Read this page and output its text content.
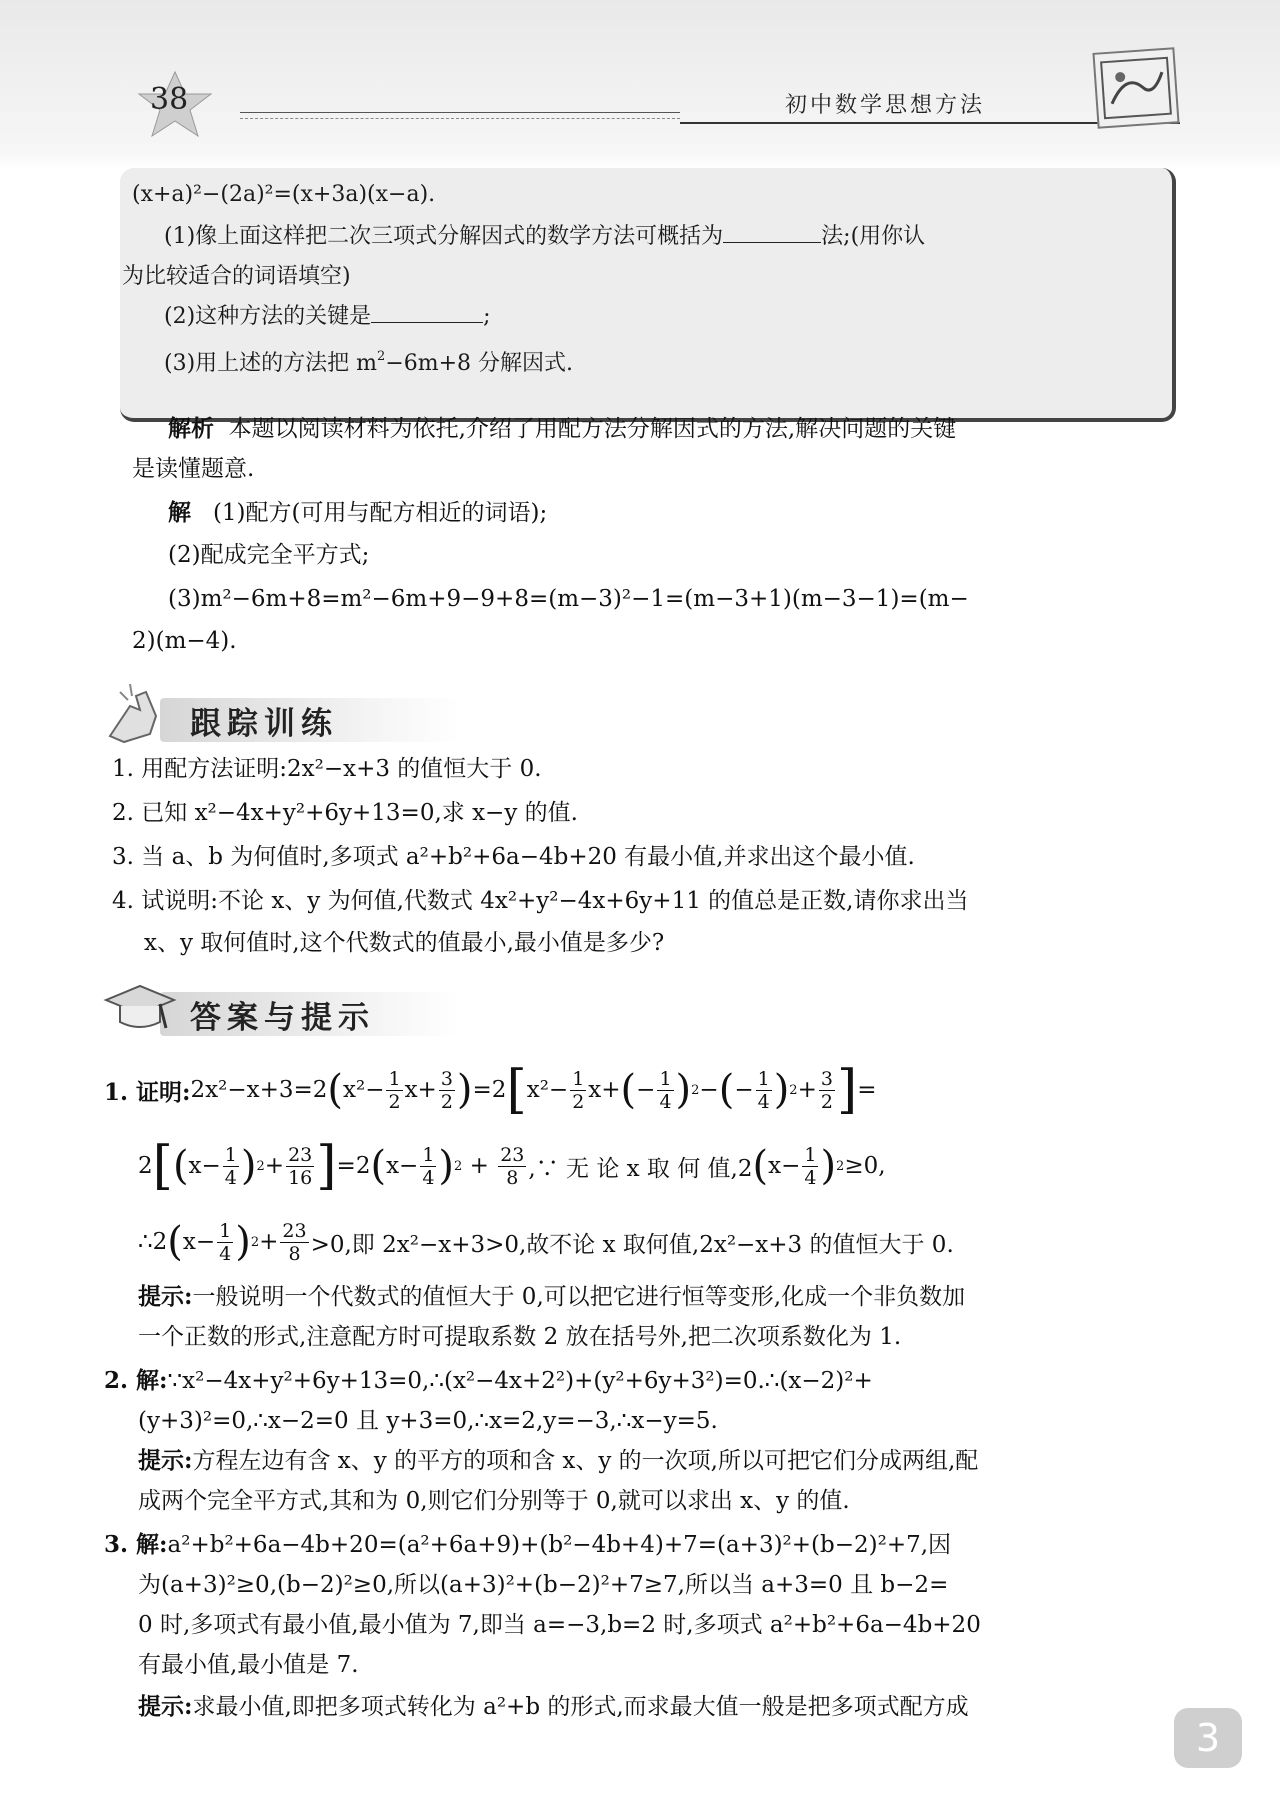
38	初中数学思想方法
(x+a)²−(2a)²=(x+3a)(x−a).
(1)像上面这样把二次三项式分解因式的数学方法可概括为	法;(用你认
为比较适合的词语填空)
(2)这种方法的关键是	;
(3)用上述的方法把 $m^2-6m+8$ 分解因式.
解析 本题以阅读材料为依托,介绍了用配方法分解因式的方法,解决问题的关键
是读懂题意.
解 (1)配方(可用与配方相近的词语);
(2)配成完全平方式;
(3)m²−6m+8=m²−6m+9−9+8=(m−3)²−1=(m−3+1)(m−3−1)=(m−
2)(m−4).
跟踪训练
1. 用配方法证明:2x²−x+3 的值恒大于 0.
2. 已知 x²−4x+y²+6y+13=0,求 x−y 的值.
3. 当 a、b 为何值时,多项式 a²+b²+6a−4b+20 有最小值,并求出这个最小值.
4. 试说明:不论 x、y 为何值,代数式 4x²+y²−4x+6y+11 的值总是正数,请你求出当
x、y 取何值时,这个代数式的值最小,最小值是多少?
答案与提示
1. 证明: 2x²−x+3=2 ( $x^2- \frac{1}{2} x+ \frac{3}{2}$ ) =2 [ $x^2- \frac{1}{2} x+$ ( − $\frac{1}{4}$ ) 2 − ( − $\frac{1}{4}$ ) $2 + \frac{3}{2}$ ] =
2 [ ( $x- \frac{1}{4}$ ) $2 + \frac{23}{16}$ ] =2 ( $x- \frac{1}{4}$ ) $2 + \frac{23}{8}$ ,∵ 无 论 x 取 何 值,2 ( $x- \frac{1}{4}$ ) 2 ≥0,
∴2 ( $x- \frac{1}{4}$ ) $2 + \frac{23}{8} >0$,即 2x²−x+3>0,故不论 x 取何值,2x²−x+3 的值恒大于 0.
提示:一般说明一个代数式的值恒大于 0,可以把它进行恒等变形,化成一个非负数加
一个正数的形式,注意配方时可提取系数 2 放在括号外,把二次项系数化为 1.
2. 解:∵x²−4x+y²+6y+13=0,∴(x²−4x+2²)+(y²+6y+3²)=0.∴(x−2)²+
(y+3)²=0,∴x−2=0 且 y+3=0,∴x=2,y=−3,∴x−y=5.
提示:方程左边有含 x、y 的平方的项和含 x、y 的一次项,所以可把它们分成两组,配
成两个完全平方式,其和为 0,则它们分别等于 0,就可以求出 x、y 的值.
3. 解:a²+b²+6a−4b+20=(a²+6a+9)+(b²−4b+4)+7=(a+3)²+(b−2)²+7,因
为(a+3)²≥0,(b−2)²≥0,所以(a+3)²+(b−2)²+7≥7,所以当 a+3=0 且 b−2=
0 时,多项式有最小值,最小值为 7,即当 a=−3,b=2 时,多项式 a²+b²+6a−4b+20
有最小值,最小值是 7.
提示:求最小值,即把多项式转化为 a²+b 的形式,而求最大值一般是把多项式配方成
3
